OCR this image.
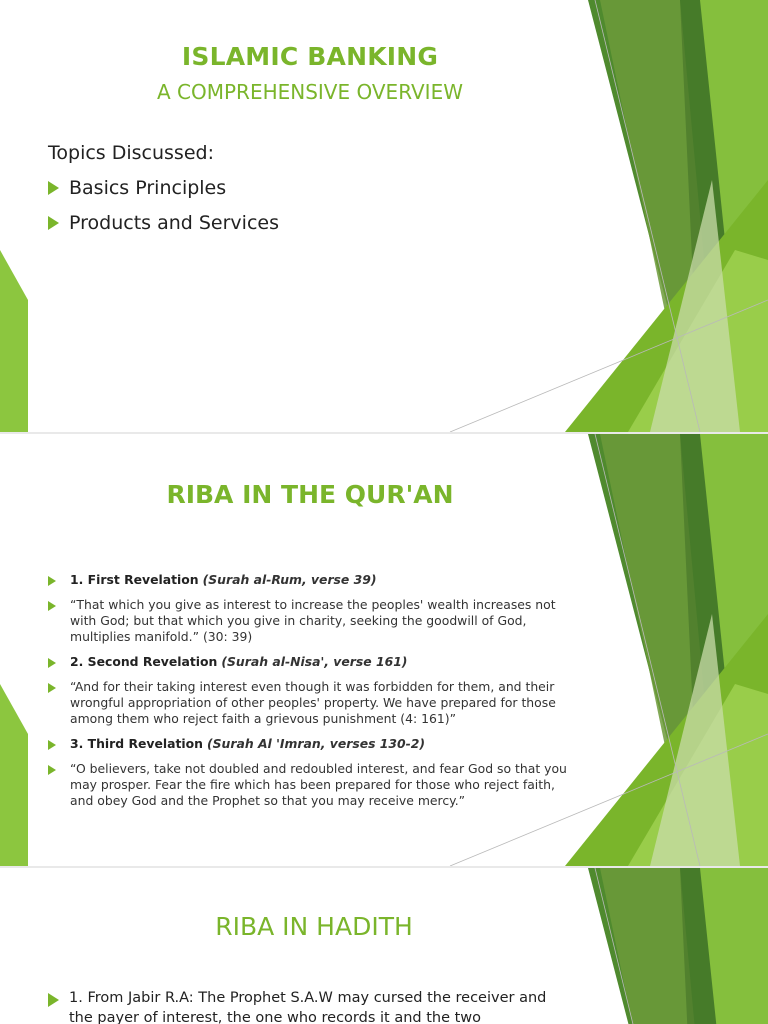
ISLAMIC BANKING
A COMPREHENSIVE OVERVIEW
Topics Discussed:
Basics Principles
Products and Services
RIBA IN THE QUR'AN
1. First Revelation (Surah al-Rum, verse 39)
“That which you give as interest to increase the peoples' wealth increases not with God; but that which you give in charity, seeking the goodwill of God, multiplies manifold.” (30: 39)
2. Second Revelation (Surah al-Nisa', verse 161)
“And for their taking interest even though it was forbidden for them, and their wrongful appropriation of other peoples' property. We have prepared for those among them who reject faith a grievous punishment (4: 161)”
3. Third Revelation (Surah Al 'Imran, verses 130-2)
“O believers, take not doubled and redoubled interest, and fear God so that you may prosper. Fear the fire which has been prepared for those who reject faith, and obey God and the Prophet so that you may receive mercy.”
RIBA IN HADITH
1. From Jabir R.A: The Prophet S.A.W may cursed the receiver and the payer of interest, the one who records it and the two
